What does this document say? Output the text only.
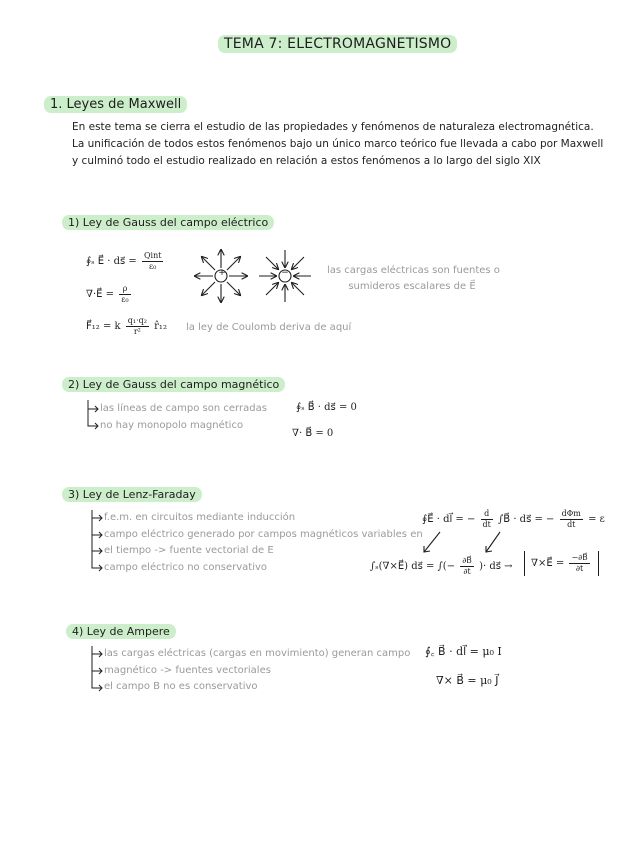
TEMA 7: ELECTROMAGNETISMO
1. Leyes de Maxwell
En este tema se cierra el estudio de las propiedades y fenómenos de naturaleza electromagnética.
La unificación de todos estos fenómenos bajo un único marco teórico fue llevada a cabo por Maxwell
y culminó todo el estudio realizado en relación a estos fenómenos a lo largo del siglo XIX
1) Ley de Gauss del campo eléctrico
∮ₛ E⃗ · ds⃗ = $\frac{\text{Qint}}{\text{ε₀}}$
∇·E⃗ = $\frac{\rho}{\text{ε₀}}$
F⃗₁₂ = k $\frac{\text{q₁·q₂}}{\text{r²}}$ r̂₁₂ la ley de Coulomb deriva de aquí
+	−	las cargas eléctricas son fuentes o
sumideros escalares de E⃗
2) Ley de Gauss del campo magnético
las líneas de campo son cerradas
no hay monopolo magnético
∮ₛ B⃗ · ds⃗ = 0
∇· B⃗ = 0
3) Ley de Lenz-Faraday
f.e.m. en circuitos mediante inducción
campo eléctrico generado por campos magnéticos variables en
el tiempo -> fuente vectorial de E
campo eléctrico no conservativo
∮E⃗ · dl⃗ = − $\frac{d}{dt}$ ∫B⃗ · ds⃗ = − $\frac{\text{dΦm}}{dt} = \varepsilon$
∫ₛ(∇×E⃗) ds⃗ = ∫(− $\frac{\partial B⃗}{\partial t}$ )· ds⃗ →	∇×E⃗ = $\frac{-\partial B⃗}{\partial t}$
4) Ley de Ampere
las cargas eléctricas (cargas en movimiento) generan campo
magnético -> fuentes vectoriales
el campo B no es conservativo
∮꜀ B⃗ · dl⃗ = μ₀ I
∇× B⃗ = μ₀ J⃗
